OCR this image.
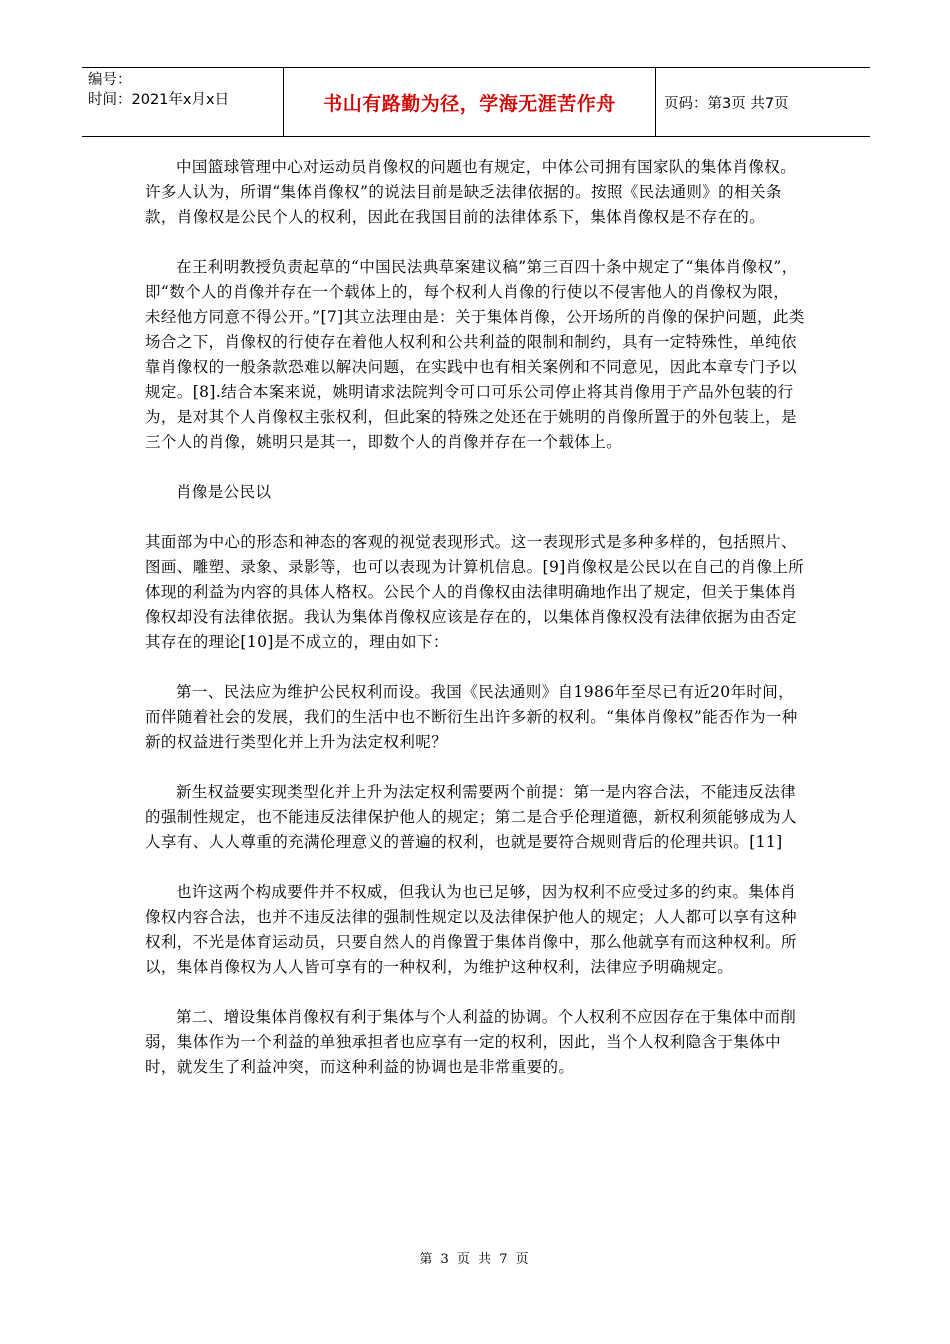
编号：
时间：2021年x月x日	书山有路勤为径，学海无涯苦作舟	页码：第3页 共7页

中国篮球管理中心对运动员肖像权的问题也有规定，中体公司拥有国家队的集体肖像权。许多人认为，所谓“集体肖像权”的说法目前是缺乏法律依据的。按照《民法通则》的相关条款，肖像权是公民个人的权利，因此在我国目前的法律体系下，集体肖像权是不存在的。

在王利明教授负责起草的“中国民法典草案建议稿”第三百四十条中规定了“集体肖像权”，即“数个人的肖像并存在一个载体上的，每个权利人肖像的行使以不侵害他人的肖像权为限，未经他方同意不得公开。”[7]其立法理由是：关于集体肖像，公开场所的肖像的保护问题，此类场合之下，肖像权的行使存在着他人权利和公共利益的限制和制约，具有一定特殊性，单纯依靠肖像权的一般条款恐难以解决问题，在实践中也有相关案例和不同意见，因此本章专门予以规定。[8].结合本案来说，姚明请求法院判令可口可乐公司停止将其肖像用于产品外包装的行为，是对其个人肖像权主张权利，但此案的特殊之处还在于姚明的肖像所置于的外包装上，是三个人的肖像，姚明只是其一，即数个人的肖像并存在一个载体上。

肖像是公民以

其面部为中心的形态和神态的客观的视觉表现形式。这一表现形式是多种多样的，包括照片、图画、雕塑、录象、录影等，也可以表现为计算机信息。[9]肖像权是公民以在自己的肖像上所体现的利益为内容的具体人格权。公民个人的肖像权由法律明确地作出了规定，但关于集体肖像权却没有法律依据。我认为集体肖像权应该是存在的，以集体肖像权没有法律依据为由否定其存在的理论[10]是不成立的，理由如下：

第一、民法应为维护公民权利而设。我国《民法通则》自1986年至尽已有近20年时间，而伴随着社会的发展，我们的生活中也不断衍生出许多新的权利。“集体肖像权”能否作为一种新的权益进行类型化并上升为法定权利呢？

新生权益要实现类型化并上升为法定权利需要两个前提：第一是内容合法，不能违反法律的强制性规定，也不能违反法律保护他人的规定；第二是合乎伦理道德，新权利须能够成为人人享有、人人尊重的充满伦理意义的普遍的权利，也就是要符合规则背后的伦理共识。[11]

也许这两个构成要件并不权威，但我认为也已足够，因为权利不应受过多的约束。集体肖像权内容合法，也并不违反法律的强制性规定以及法律保护他人的规定；人人都可以享有这种权利，不光是体育运动员，只要自然人的肖像置于集体肖像中，那么他就享有而这种权利。所以，集体肖像权为人人皆可享有的一种权利，为维护这种权利，法律应予明确规定。

第二、增设集体肖像权有利于集体与个人利益的协调。个人权利不应因存在于集体中而削弱，集体作为一个利益的单独承担者也应享有一定的权利，因此，当个人权利隐含于集体中时，就发生了利益冲突，而这种利益的协调也是非常重要的。

第 3 页 共 7 页
